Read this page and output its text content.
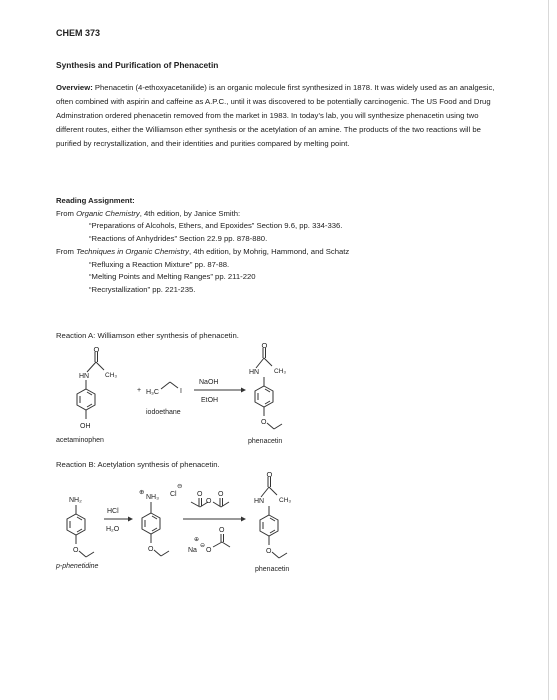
CHEM 373
Synthesis and Purification of Phenacetin
Overview: Phenacetin (4-ethoxyacetanilide) is an organic molecule first synthesized in 1878. It was widely used as an analgesic, often combined with aspirin and caffeine as A.P.C., until it was discovered to be potentially carcinogenic. The US Food and Drug Adminstration ordered phenacetin removed from the market in 1983. In today’s lab, you will synthesize phenacetin using two different routes, either the Williamson ether synthesis or the acetylation of an amine. The products of the two reactions will be purified by recrystallization, and their identities and purities compared by melting point.
Reading Assignment:
From Organic Chemistry, 4th edition, by Janice Smith:
“Preparations of Alcohols, Ethers, and Epoxides” Section 9.6, pp. 334-336.
“Reactions of Anhydrides” Section 22.9 pp. 878-880.
From Techniques in Organic Chemistry, 4th edition, by Mohrig, Hammond, and Schatz
“Refluxing a Reaction Mixture” pp. 87-88.
“Melting Points and Melting Ranges” pp. 211-220
“Recrystallization” pp. 221-235.
Reaction A: Williamson ether synthesis of phenacetin.
O
HN CH₃
OH
acetaminophen
+ H₃C	I
iodoethane
NaOH
EtOH
O
HN CH₃
O
phenacetin
NH₂
O
p-phenetidine
HCl
H₂O
⊕
NH₃ Cl
⊖
O
O
O
O
O
O
⊖
⊕
Na
O
HN CH₃
O
phenacetin
Reaction B: Acetylation synthesis of phenacetin.
